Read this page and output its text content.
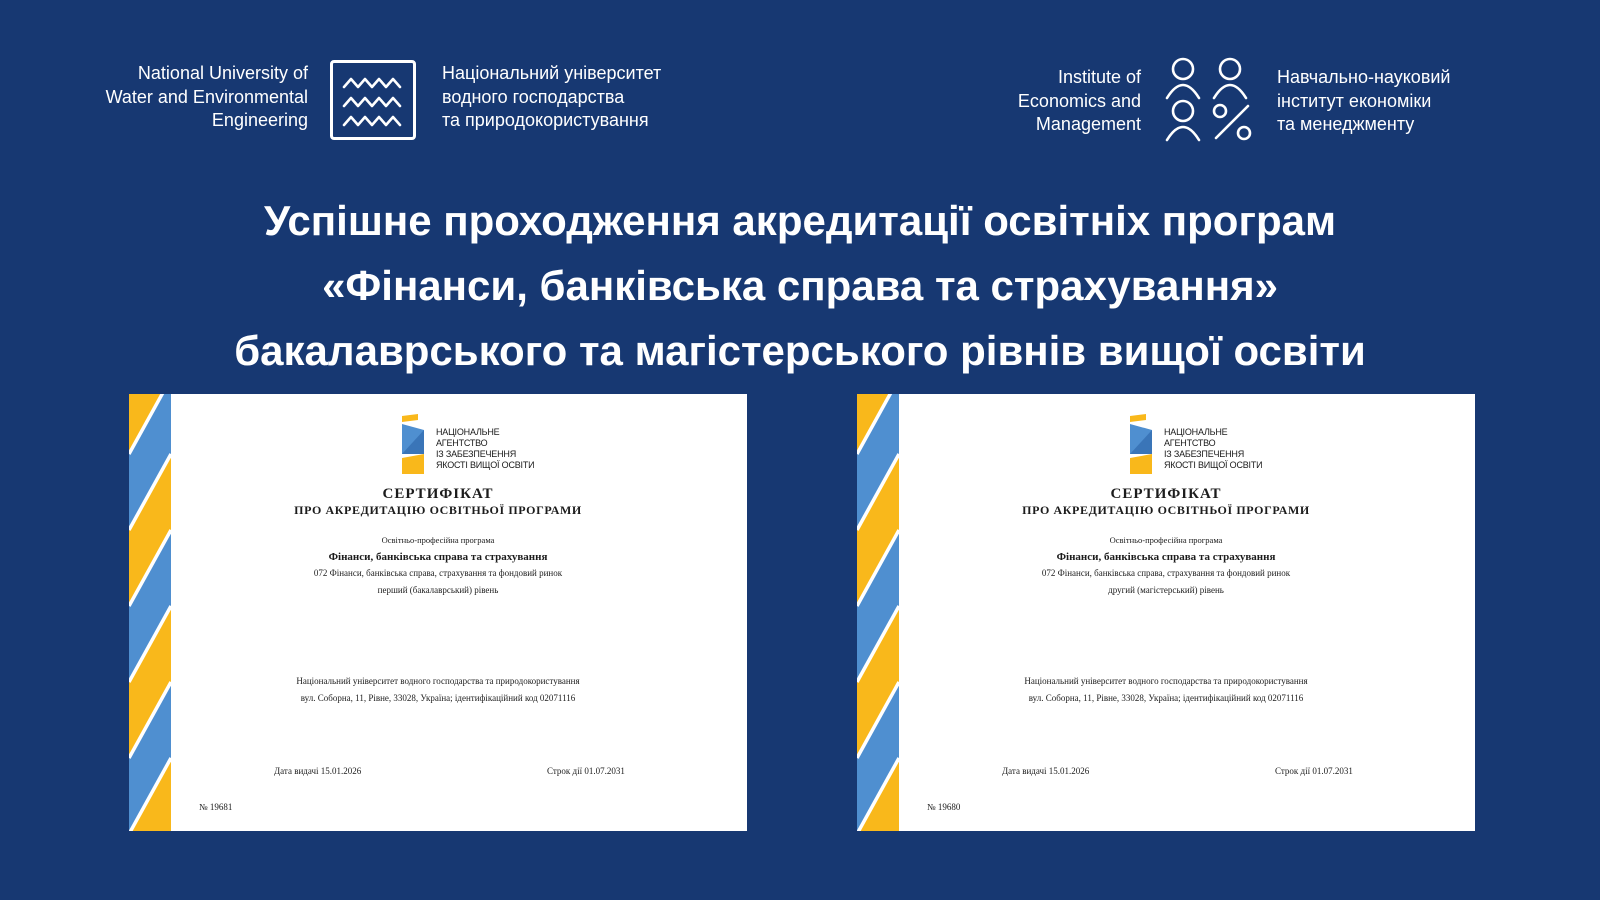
National University of
Water and Environmental
Engineering
Національний університет
водного господарства
та природокористування
Institute of
Economics and
Management
Навчально-науковий
інститут економіки
та менеджменту
Успішне проходження акредитації освітніх програм
«Фінанси, банківська справа та страхування»
бакалаврського та магістерського рівнів вищої освіти
НАЦІОНАЛЬНЕ
АГЕНТСТВО
ІЗ ЗАБЕЗПЕЧЕННЯ
ЯКОСТІ ВИЩОЇ ОСВІТИ
СЕРТИФІКАТ
ПРО АКРЕДИТАЦІЮ ОСВІТНЬОЇ ПРОГРАМИ
Освітньо-професійна програма
Фінанси, банківська справа та страхування
072 Фінанси, банківська справа, страхування та фондовий ринок
перший (бакалаврський) рівень
Національний університет водного господарства та природокористування
вул. Соборна, 11, Рівне, 33028, Україна; ідентифікаційний код 02071116
Дата видачі 15.01.2026	Строк дії 01.07.2031
№ 19681
НАЦІОНАЛЬНЕ
АГЕНТСТВО
ІЗ ЗАБЕЗПЕЧЕННЯ
ЯКОСТІ ВИЩОЇ ОСВІТИ
СЕРТИФІКАТ
ПРО АКРЕДИТАЦІЮ ОСВІТНЬОЇ ПРОГРАМИ
Освітньо-професійна програма
Фінанси, банківська справа та страхування
072 Фінанси, банківська справа, страхування та фондовий ринок
другий (магістерський) рівень
Національний університет водного господарства та природокористування
вул. Соборна, 11, Рівне, 33028, Україна; ідентифікаційний код 02071116
Дата видачі 15.01.2026	Строк дії 01.07.2031
№ 19680
